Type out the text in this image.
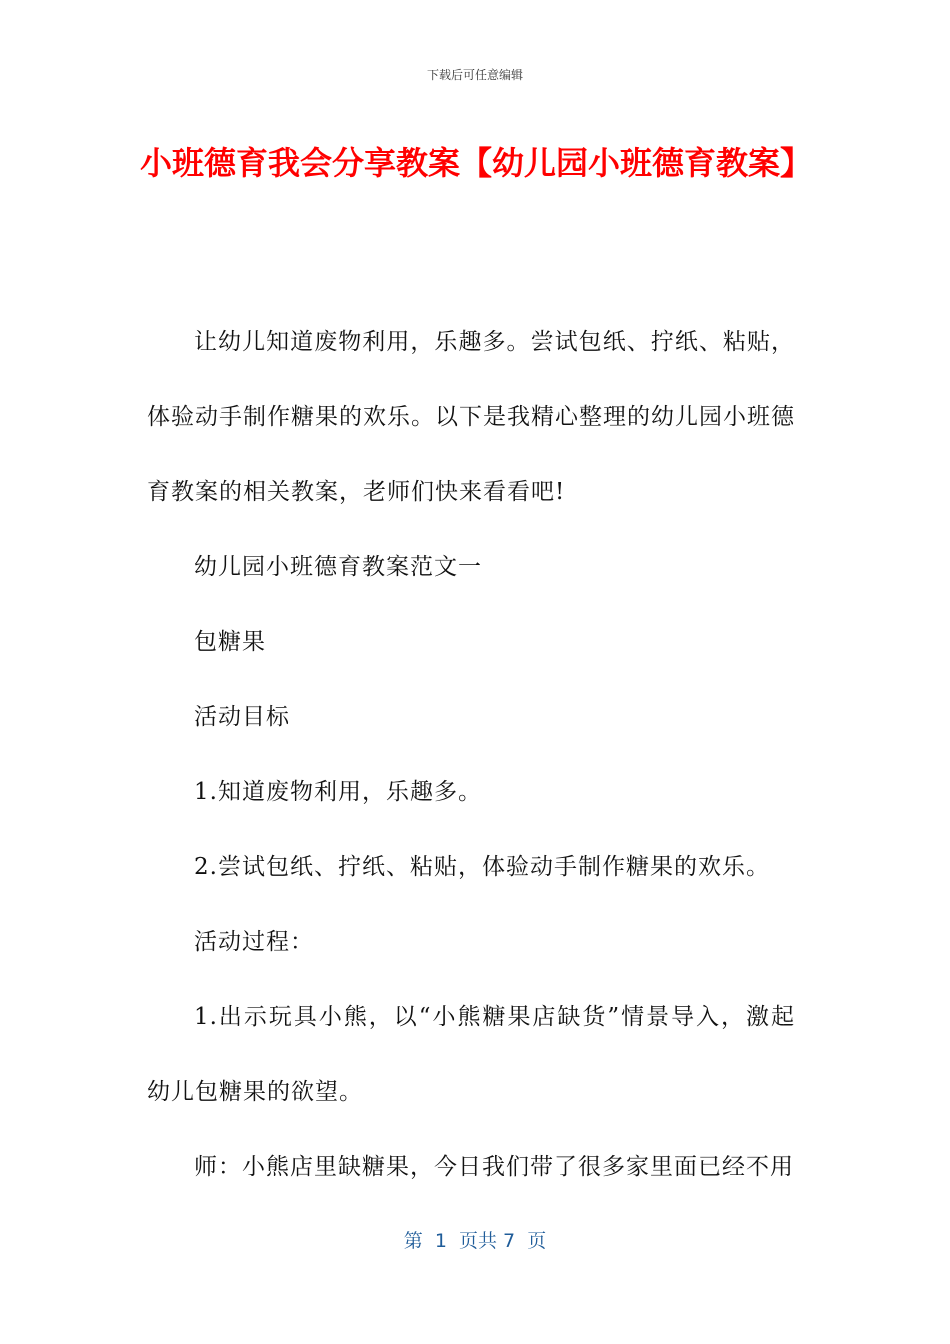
下载后可任意编辑
小班德育我会分享教案【幼儿园小班德育教案】

让幼儿知道废物利用，乐趣多。尝试包纸、拧纸、粘贴，体验动手制作糖果的欢乐。以下是我精心整理的幼儿园小班德育教案的相关教案，老师们快来看看吧!

幼儿园小班德育教案范文一

包糖果

活动目标

1.知道废物利用，乐趣多。

2.尝试包纸、拧纸、粘贴，体验动手制作糖果的欢乐。

活动过程：

1.出示玩具小熊，以“小熊糖果店缺货”情景导入，激起幼儿包糖果的欲望。

师：小熊店里缺糖果，今日我们带了很多家里面已经不用

第  1  页共 7  页
